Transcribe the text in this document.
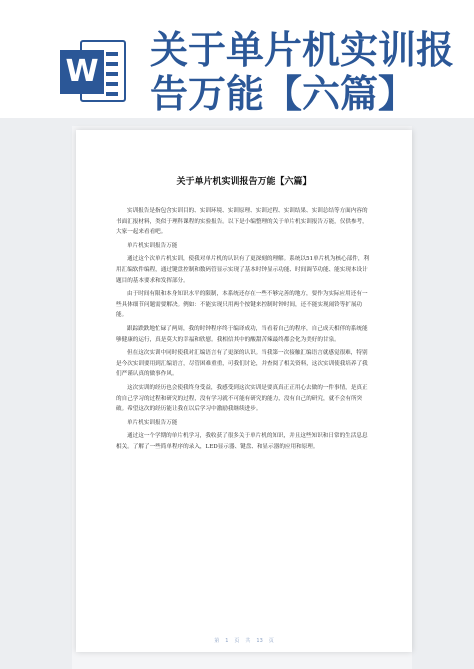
W 关于单片机实训报
告万能【六篇】
关于单片机实训报告万能【六篇】

实训报告是指包含实训目的、实训环境、实训原理、实训过程、实训结果、实训总结等方面内容的书面汇报材料，类似于理科课程的实验报告。以下是小编整理的关于单片机实训报告万能，仅供参考，大家一起来看看吧。

单片机实训报告万能

通过这个次单片机实训，使我对单片机的认识有了更深刻的理解。系统以51单片机为核心部件，利用汇编软件编程，通过键盘控制和数码管显示实现了基本时钟显示功能、时间调节功能、能实现本设计题目的基本要求和发挥部分。

由于时间有限和本身知识水平的限制，本系统还存在一些不够完善的地方，要作为实际应用还有一些具体细节问题需要解决。例如：不能实现只用两个按键来控制时钟时间，还不能实现闹铃等扩展功能。

跟踪跌跌地忙碌了两周，我的时钟程序终于编译成功，当看着自己的程序，自己成天相伴的系统能够健康的运行，真是莫大的幸福和欣慰。我相信其中的酸甜苦辣最终都会化为美好的甘泉。

但在这次实训中同时使我对汇编语言有了更深的认识。当我第一次接触汇编语言就感觉很难，特别是今次实训要用到汇编语言，尽管困难重重，可我们讨论，并查阅了相关资料，这次实训使我培养了我们严谨认真的做事作风。

这次实训的经历也会使我终身受益，我感受到这次实训是要真真正正用心去做的一件事情，是真正的自己学习的过程和研究的过程，没有学习就不可能有研究的能力，没有自己的研究，就不会有所突破。希望这次的经历能让我在以后学习中激励我继续进步。

单片机实训报告万能

通过这一个学期的单片机学习，我收获了很多关于单片机的知识，并且这些知识和日常的生活息息相关。了解了一些简单程序的录入，LED显示器、键盘、和显示器的应用和原理。

第 1 页 共 13 页
